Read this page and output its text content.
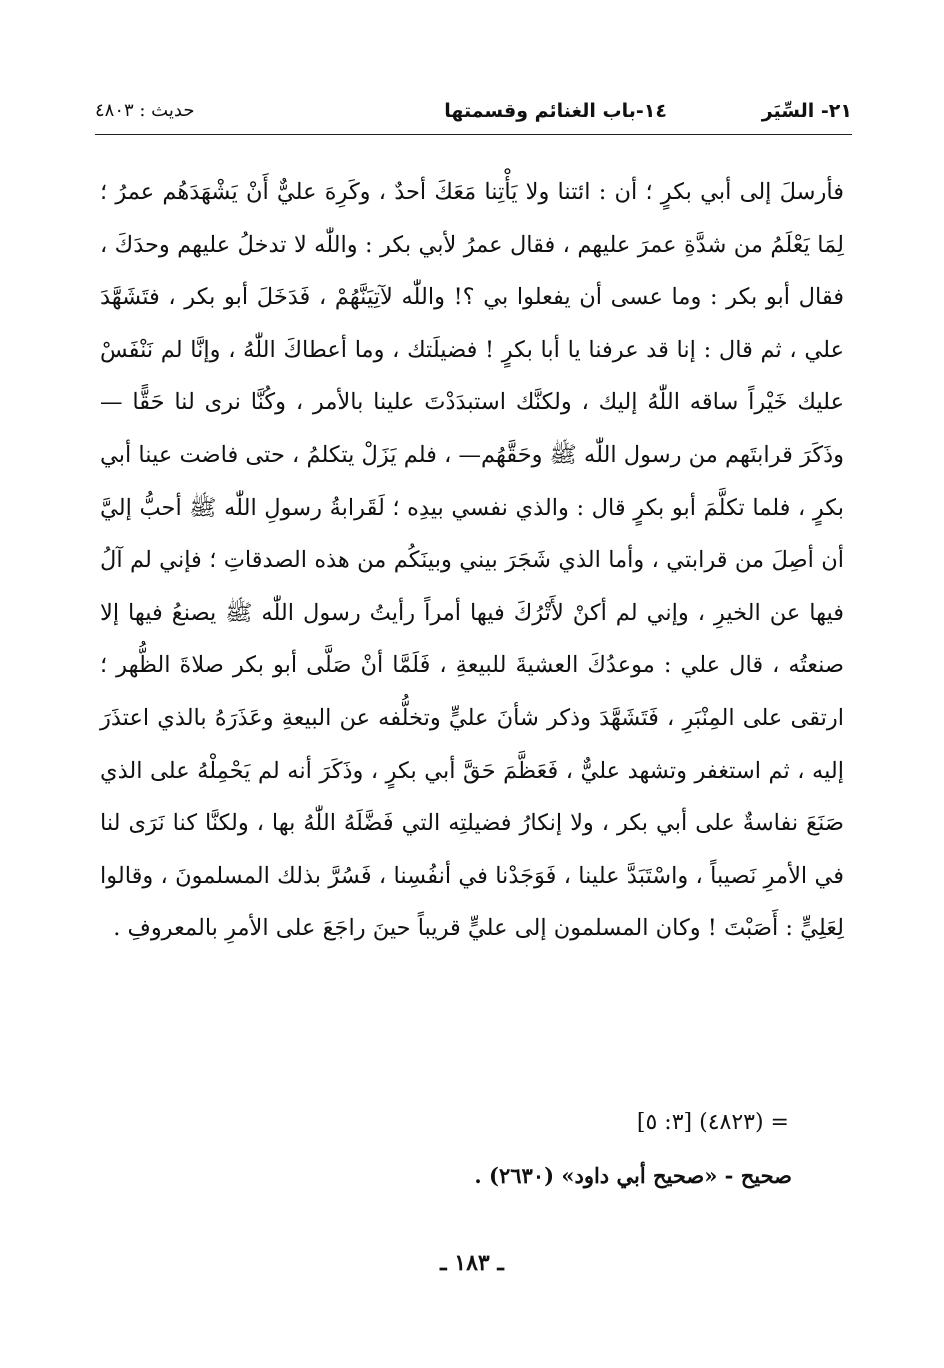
٢١- السِّيَر
١٤-باب الغنائم وقسمتها
حديث : ٤٨٠٣

فأرسلَ إلى أبي بكرٍ ؛ أن : ائتنا ولا يَأْتِنا مَعَكَ أحدٌ ، وكَرِهَ عليٌّ أَنْ يَشْهَدَهُم عمرُ ؛ لِمَا يَعْلَمُ من شدَّةِ عمرَ عليهم ، فقال عمرُ لأبي بكر : واللّٰه لا تدخلُ عليهم وحدَكَ ، فقال أبو بكر : وما عسى أن يفعلوا بي ؟! واللّٰه لآتِيَنَّهُمْ ، فَدَخَلَ أبو بكر ، فتَشَهَّدَ علي ، ثم قال : إنا قد عرفنا يا أبا بكرٍ ! فضيلَتك ، وما أعطاكَ اللّٰهُ ، وإنَّا لم نَنْفَسْ عليك خَيْراً ساقه اللّٰهُ إليك ، ولكنَّك استبدَدْتَ علينا بالأمر ، وكُنَّا نرى لنا حَقًّا —وذَكَرَ قرابتَهم من رسول اللّٰه ﷺ وحَقَّهُم— ، فلم يَزَلْ يتكلمُ ، حتى فاضت عينا أبي بكرٍ ، فلما تكلَّمَ أبو بكرٍ قال : والذي نفسي بيدِه ؛ لَقَرابةُ رسولِ اللّٰه ﷺ أحبُّ إليَّ أن أصِلَ من قرابتي ، وأما الذي شَجَرَ بيني وبينَكُم من هذه الصدقاتِ ؛ فإني لم آلُ فيها عن الخيرِ ، وإني لم أكنْ لأَتْرُكَ فيها أمراً رأيتُ رسول اللّٰه ﷺ يصنعُ فيها إلا صنعتُه ، قال علي : موعدُكَ العشيةَ للبيعةِ ، فَلَمَّا أنْ صَلَّى أبو بكر صلاةَ الظُّهر ؛ ارتقى على المِنْبَرِ ، فَتَشَهَّدَ وذكر شأنَ عليٍّ وتخلُّفه عن البيعةِ وعَذَرَهُ بالذي اعتذَرَ إليه ، ثم استغفر وتشهد عليٌّ ، فَعَظَّمَ حَقَّ أبي بكرٍ ، وذَكَرَ أنه لم يَحْمِلْهُ على الذي صَنَعَ نفاسةٌ على أبي بكر ، ولا إنكارُ فضيلتِه التي فَضَّلَهُ اللّٰهُ بها ، ولكنَّا كنا نَرَى لنا في الأمرِ نَصيباً ، واسْتَبَدَّ علينا ، فَوَجَدْنا في أنفُسِنا ، فَسُرَّ بذلك المسلمونَ ، وقالوا لِعَلِيٍّ : أَصَبْتَ ! وكان المسلمون إلى عليٍّ قريباً حينَ راجَعَ على الأمرِ بالمعروفِ .

= (٤٨٢٣) [٣: ٥]
صحيح - «صحيح أبي داود» (٢٦٣٠) .
ـ ١٨٣ ـ
